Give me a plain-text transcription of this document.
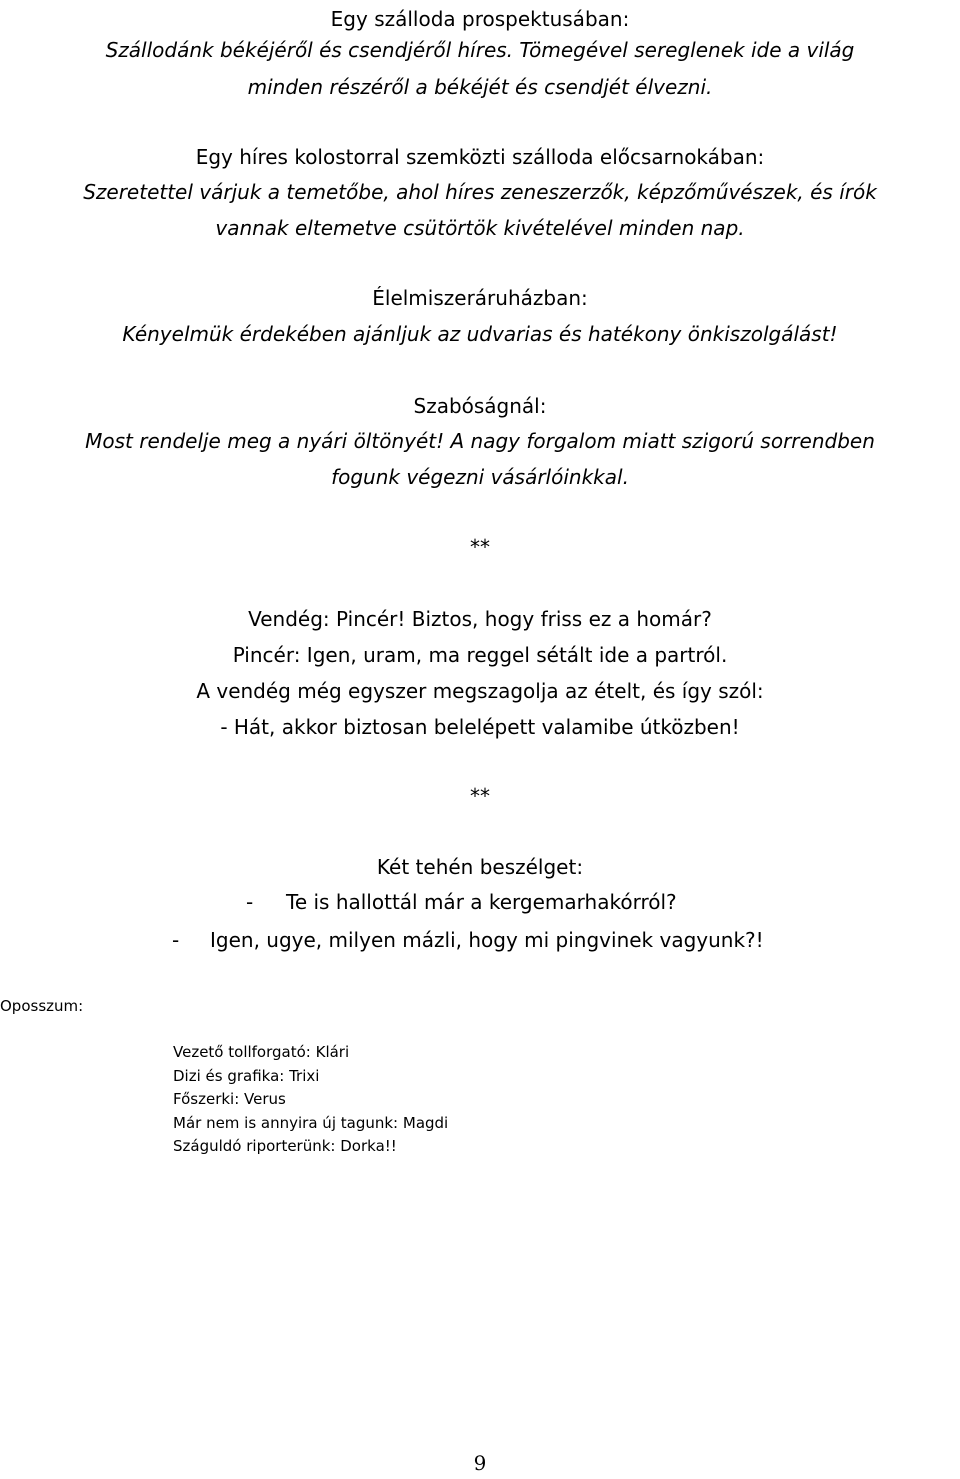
Egy szálloda prospektusában:
Szállodánk békéjéről és csendjéről híres. Tömegével sereglenek ide a világ
minden részéről a békéjét és csendjét élvezni.
Egy híres kolostorral szemközti szálloda előcsarnokában:
Szeretettel várjuk a temetőbe, ahol híres zeneszerzők, képzőművészek, és írók
vannak eltemetve csütörtök kivételével minden nap.
Élelmiszeráruházban:
Kényelmük érdekében ajánljuk az udvarias és hatékony önkiszolgálást!
Szabóságnál:
Most rendelje meg a nyári öltönyét! A nagy forgalom miatt szigorú sorrendben
fogunk végezni vásárlóinkkal.
**
Vendég: Pincér! Biztos, hogy friss ez a homár?
Pincér: Igen, uram, ma reggel sétált ide a partról.
A vendég még egyszer megszagolja az ételt, és így szól:
- Hát, akkor biztosan belelépett valamibe útközben!
**
Két tehén beszélget:
- Te is hallottál már a kergemarhakórról?
- Igen, ugye, milyen mázli, hogy mi pingvinek vagyunk?!
Oposszum:
Vezető tollforgató: Klári
Dizi és grafika: Trixi
Főszerki: Verus
Már nem is annyira új tagunk: Magdi
Száguldó riporterünk: Dorka!!
9
